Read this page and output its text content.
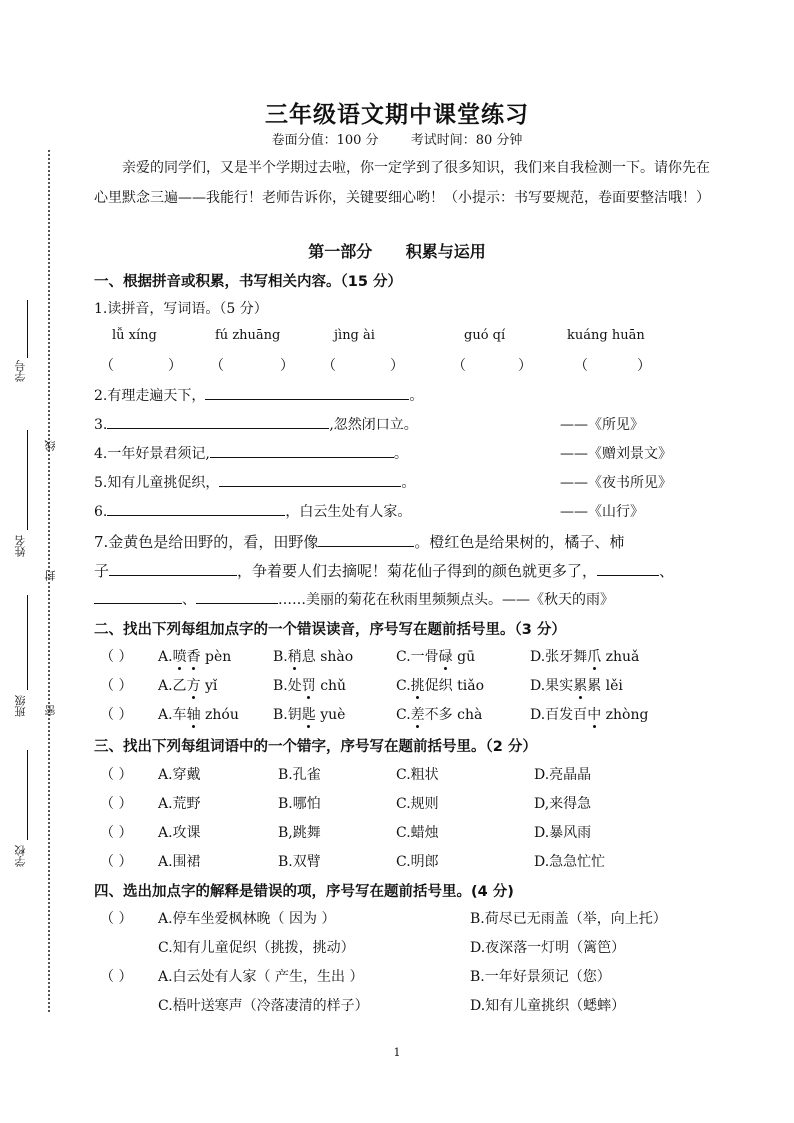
学号
线
姓名
封
班级 密
学校
三年级语文期中课堂练习
卷面分值：100 分 考试时间：80 分钟
亲爱的同学们，又是半个学期过去啦，你一定学到了很多知识，我们来自我检测一下。请你先在心里默念三遍——我能行！老师告诉你，关键要细心哟！（小提示：书写要规范，卷面要整洁哦！）
第一部分 积累与运用
一、根据拼音或积累，书写相关内容。（15 分）
1.读拼音，写词语。（5 分）
lǚ xíng	fú zhuāng	jìng ài	guó qí	kuáng huān
（	） （	） （	）	（	）	（	）
2.有理走遍天下，	。
3.	,忽然闭口立。	——《所见》
4.一年好景君须记,	。	——《赠刘景文》
5.知有儿童挑促织，	。	——《夜书所见》
6.	，白云生处有人家。	——《山行》
7.金黄色是给田野的，看，田野像	。橙红色是给果树的，橘子、柿
子	，争着要人们去摘呢！菊花仙子得到的颜色就更多了，	、
、	……美丽的菊花在秋雨里频频点头。——《秋天的雨》
二、找出下列每组加点字的一个错误读音，序号写在题前括号里。（3 分）
（ ） A.喷香 pèn	B.稍息 shào	C.一骨碌 gū	D.张牙舞爪 zhuǎ
（ ） A.乙方 yǐ	B.处罚 chǔ	C.挑促织 tiǎo	D.果实累累 lěi
（ ） A.车轴 zhóu B.钥匙 yuè	C.差不多 chà	D.百发百中 zhòng
三、找出下列每组词语中的一个错字，序号写在题前括号里。（2 分）
（ ） A.穿戴	B.孔雀	C.粗状	D.亮晶晶
（ ） A.荒野	B.哪怕	C.规则	D,来得急
（ ） A.攻课	B,跳舞	C.蜡烛	D.暴风雨
（ ） A.围裙	B.双臂	C.明郎	D.急急忙忙
四、选出加点字的解释是错误的项，序号写在题前括号里。(4 分)
（ ） A.停车坐爱枫林晚（ 因为 ）	B.荷尽已无雨盖（举，向上托）
C.知有儿童促织（挑拨，挑动）	D.夜深落一灯明（篱笆）
（ ） A.白云处有人家（ 产生，生出 ）	B.一年好景须记（您）
C.梧叶送寒声（冷落凄清的样子）	D.知有儿童挑织（蟋蟀）
1
